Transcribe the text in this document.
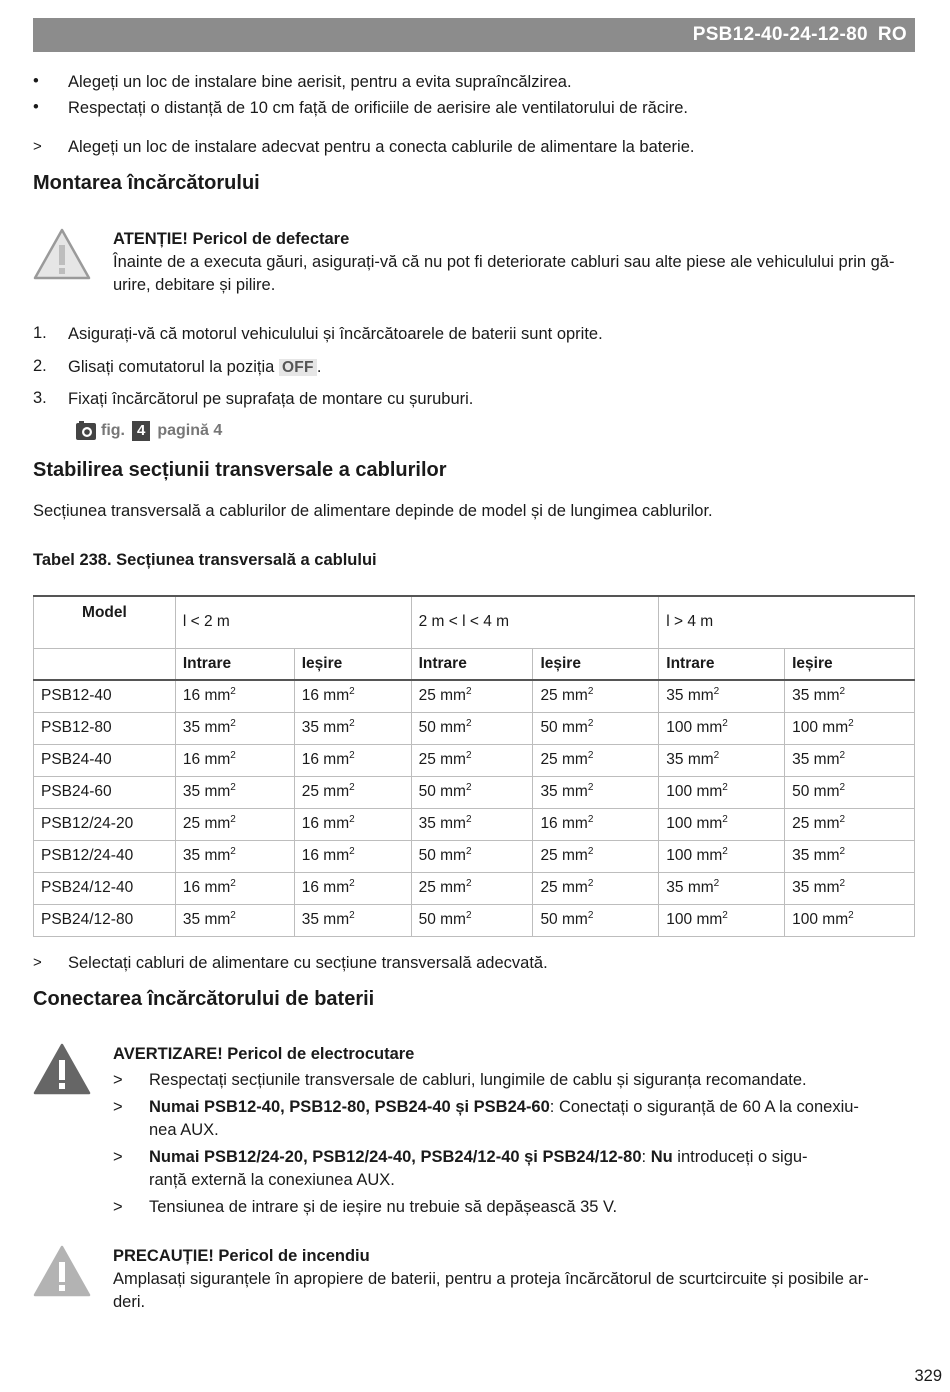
PSB12-40-24-12-80 RO
• Alegeți un loc de instalare bine aerisit, pentru a evita supraîncălzirea.
• Respectați o distanță de 10 cm față de orificiile de aerisire ale ventilatorului de răcire.
> Alegeți un loc de instalare adecvat pentru a conecta cablurile de alimentare la baterie.
Montarea încărcătorului
ATENȚIE! Pericol de defectare
Înainte de a executa găuri, asigurați-vă că nu pot fi deteriorate cabluri sau alte piese ale vehiculului prin gă-
urire, debitare și pilire.
1. Asigurați-vă că motorul vehiculului și încărcătoarele de baterii sunt oprite.
2. Glisați comutatorul la poziția OFF .
3. Fixați încărcătorul pe suprafața de montare cu șuruburi.
fig. 4 pagină 4
Stabilirea secțiunii transversale a cablurilor
Secțiunea transversală a cablurilor de alimentare depinde de model și de lungimea cablurilor.
Tabel 238. Secțiunea transversală a cablului
Model	l < 2 m		2 m < l < 4 m		l > 4 m	
	Intrare	Ieșire	Intrare	Ieșire	Intrare	Ieșire
PSB12-40	16 $mm^2$	16 $mm^2$	25 $mm^2$	25 $mm^2$	35 $mm^2$	35 $mm^2$
PSB12-80	35 $mm^2$	35 $mm^2$	50 $mm^2$	50 $mm^2$	100 $mm^2$	100 $mm^2$
PSB24-40	16 $mm^2$	16 $mm^2$	25 $mm^2$	25 $mm^2$	35 $mm^2$	35 $mm^2$
PSB24-60	35 $mm^2$	25 $mm^2$	50 $mm^2$	35 $mm^2$	100 $mm^2$	50 $mm^2$
PSB12/24-20	25 $mm^2$	16 $mm^2$	35 $mm^2$	16 $mm^2$	100 $mm^2$	25 $mm^2$
PSB12/24-40	35 $mm^2$	16 $mm^2$	50 $mm^2$	25 $mm^2$	100 $mm^2$	35 $mm^2$
PSB24/12-40	16 $mm^2$	16 $mm^2$	25 $mm^2$	25 $mm^2$	35 $mm^2$	35 $mm^2$
PSB24/12-80	35 $mm^2$	35 $mm^2$	50 $mm^2$	50 $mm^2$	100 $mm^2$	100 $mm^2$
> Selectați cabluri de alimentare cu secțiune transversală adecvată.
Conectarea încărcătorului de baterii
AVERTIZARE! Pericol de electrocutare
> Respectați secțiunile transversale de cabluri, lungimile de cablu și siguranța recomandate.
> Numai PSB12-40, PSB12-80, PSB24-40 și PSB24-60: Conectați o siguranță de 60 A la conexiu-
nea AUX.
> Numai PSB12/24-20, PSB12/24-40, PSB24/12-40 și PSB24/12-80: Nu introduceți o sigu-
ranță externă la conexiunea AUX.
> Tensiunea de intrare și de ieșire nu trebuie să depășească 35 V.
PRECAUȚIE! Pericol de incendiu
Amplasați siguranțele în apropiere de baterii, pentru a proteja încărcătorul de scurtcircuite și posibile ar-
deri.
329
